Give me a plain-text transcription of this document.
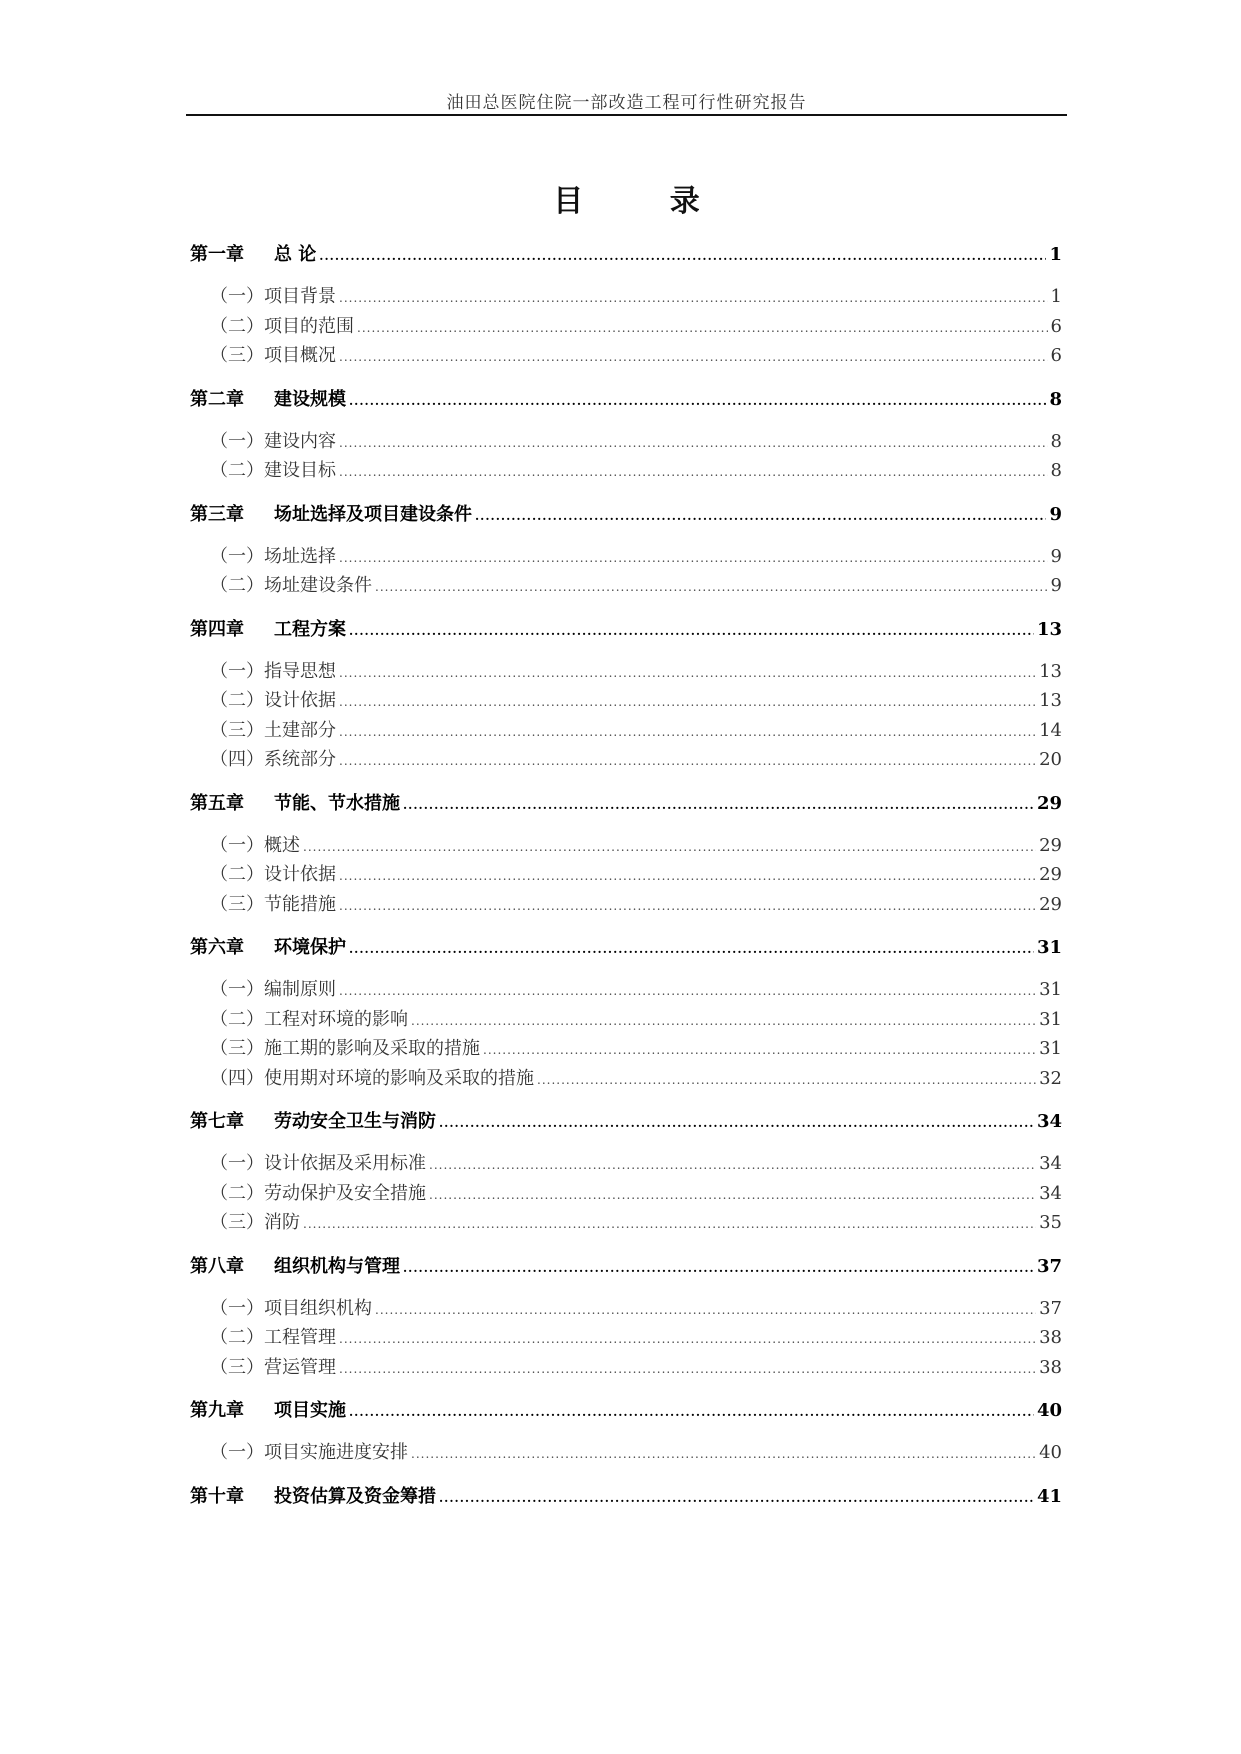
油田总医院住院一部改造工程可行性研究报告
目 录
第一章 总 论 .....	1
（一）项目背景 .....	1
（二）项目的范围 .....	6
（三）项目概况 .....	6
第二章 建设规模 .....	8
（一）建设内容 .....	8
（二）建设目标 .....	8
第三章 场址选择及项目建设条件 .....	9
（一）场址选择 .....	9
（二）场址建设条件 .....	9
第四章 工程方案 .....	13
（一）指导思想 .....	13
（二）设计依据 .....	13
（三）土建部分 .....	14
（四）系统部分 .....	20
第五章 节能、节水措施 .....	29
（一）概述 .....	29
（二）设计依据 .....	29
（三）节能措施 .....	29
第六章 环境保护 .....	31
（一）编制原则 .....	31
（二）工程对环境的影响 .....	31
（三）施工期的影响及采取的措施 .....	31
（四）使用期对环境的影响及采取的措施 .....	32
第七章 劳动安全卫生与消防 .....	34
（一）设计依据及采用标准 .....	34
（二）劳动保护及安全措施 .....	34
（三）消防 .....	35
第八章 组织机构与管理 .....	37
（一）项目组织机构 .....	37
（二）工程管理 .....	38
（三）营运管理 .....	38
第九章 项目实施 .....	40
（一）项目实施进度安排 .....	40
第十章 投资估算及资金筹措 .....	41
